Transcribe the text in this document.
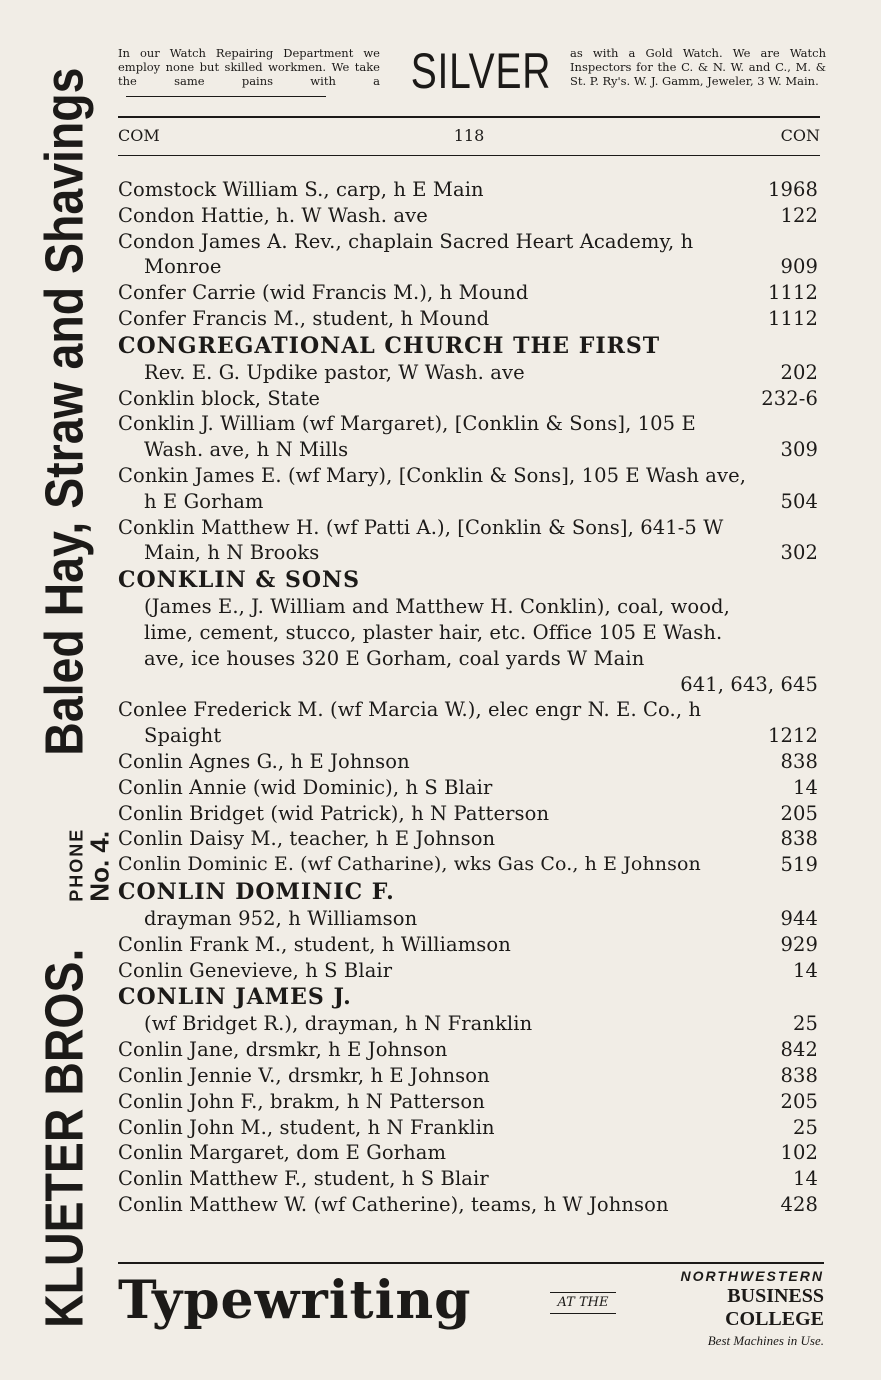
KLUETER BROS.
PHONE
No. 4.
Baled Hay, Straw and Shavings
In our Watch Repairing Department we employ none but skilled workmen. We take the same pains with a SILVER as with a Gold Watch. We are Watch Inspectors for the C. & N. W. and C., M. & St. P. Ry's. W. J. Gamm, Jeweler, 3 W. Main.
COM	118	CON
Comstock William S., carp, h E Main	1968
Condon Hattie, h. W Wash. ave	122
Condon James A. Rev., chaplain Sacred Heart Academy, h Monroe	909
Confer Carrie (wid Francis M.), h Mound	1112
Confer Francis M., student, h Mound	1112
CONGREGATIONAL CHURCH THE FIRST
Rev. E. G. Updike pastor, W Wash. ave	202
Conklin block, State	232-6
Conklin J. William (wf Margaret), [Conklin & Sons], 105 E Wash. ave, h N Mills	309
Conkin James E. (wf Mary), [Conklin & Sons], 105 E Wash ave, h E Gorham	504
Conklin Matthew H. (wf Patti A.), [Conklin & Sons], 641-5 W Main, h N Brooks	302
CONKLIN & SONS
(James E., J. William and Matthew H. Conklin), coal, wood, lime, cement, stucco, plaster hair, etc. Office 105 E Wash. ave, ice houses 320 E Gorham, coal yards W Main
641, 643, 645
Conlee Frederick M. (wf Marcia W.), elec engr N. E. Co., h Spaight	1212
Conlin Agnes G., h E Johnson	838
Conlin Annie (wid Dominic), h S Blair	14
Conlin Bridget (wid Patrick), h N Patterson	205
Conlin Daisy M., teacher, h E Johnson	838
Conlin Dominic E. (wf Catharine), wks Gas Co., h E Johnson	519
CONLIN DOMINIC F.
drayman 952, h Williamson	944
Conlin Frank M., student, h Williamson	929
Conlin Genevieve, h S Blair	14
CONLIN JAMES J.
(wf Bridget R.), drayman, h N Franklin	25
Conlin Jane, drsmkr, h E Johnson	842
Conlin Jennie V., drsmkr, h E Johnson	838
Conlin John F., brakm, h N Patterson	205
Conlin John M., student, h N Franklin	25
Conlin Margaret, dom E Gorham	102
Conlin Matthew F., student, h S Blair	14
Conlin Matthew W. (wf Catherine), teams, h W Johnson	428
Typewriting	AT THE
NORTHWESTERN
BUSINESS COLLEGE
Best Machines in Use.
